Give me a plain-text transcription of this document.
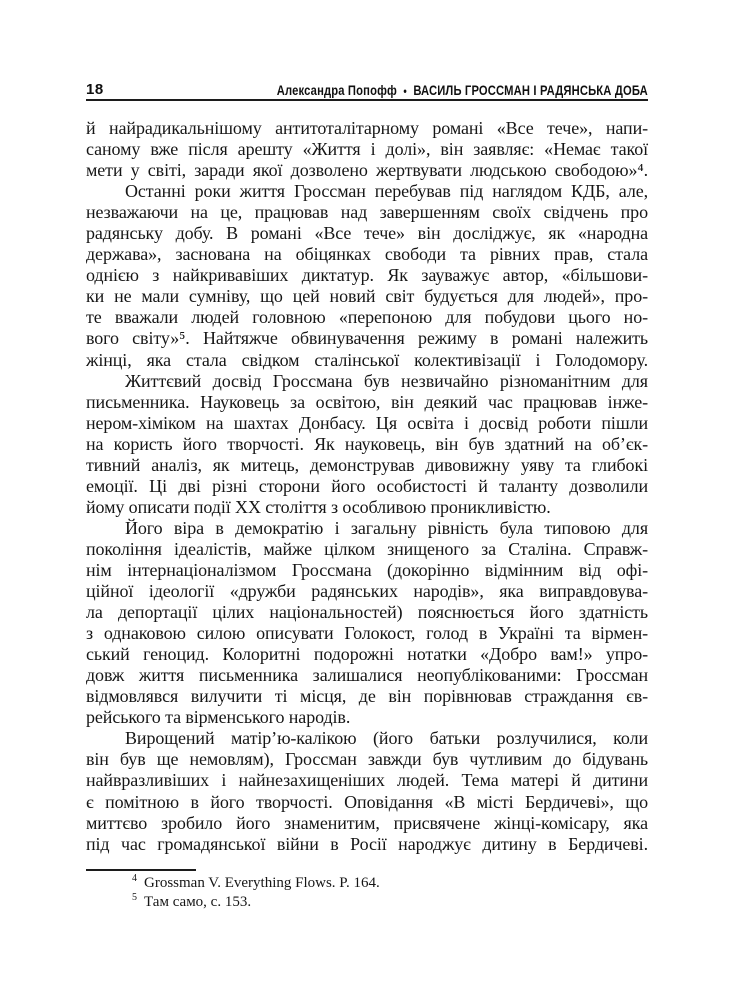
18	Александра Попофф • ВАСИЛЬ ГРОССМАН І РАДЯНСЬКА ДОБА
й найрадикальнішому антитоталітарному романі «Все тече», напи-
саному вже після арешту «Життя і долі», він заявляє: «Немає такої
мети у світі, заради якої дозволено жертвувати людською свободою»⁴.
Останні роки життя Гроссман перебував під наглядом КДБ, але,
незважаючи на це, працював над завершенням своїх свідчень про
радянську добу. В романі «Все тече» він досліджує, як «народна
держава», заснована на обіцянках свободи та рівних прав, стала
однією з найкривавіших диктатур. Як зауважує автор, «більшови-
ки не мали сумніву, що цей новий світ будується для людей», про-
те вважали людей головною «перепоною для побудови цього но-
вого світу»⁵. Найтяжче обвинувачення режиму в романі належить
жінці, яка стала свідком сталінської колективізації і Голодомору.
Життєвий досвід Гроссмана був незвичайно різноманітним для
письменника. Науковець за освітою, він деякий час працював інже-
нером-хіміком на шахтах Донбасу. Ця освіта і досвід роботи пішли
на користь його творчості. Як науковець, він був здатний на об’єк-
тивний аналіз, як митець, демонстрував дивовижну уяву та глибокі
емоції. Ці дві різні сторони його особистості й таланту дозволили
йому описати події ХХ століття з особливою проникливістю.
Його віра в демократію і загальну рівність була типовою для
покоління ідеалістів, майже цілком знищеного за Сталіна. Справж-
нім інтернаціоналізмом Гроссмана (докорінно відмінним від офі-
ційної ідеології «дружби радянських народів», яка виправдовува-
ла депортації цілих національностей) пояснюється його здатність
з однаковою силою описувати Голокост, голод в Україні та вірмен-
ський геноцид. Колоритні подорожні нотатки «Добро вам!» упро-
довж життя письменника залишалися неопублікованими: Гроссман
відмовлявся вилучити ті місця, де він порівнював страждання єв-
рейського та вірменського народів.
Вирощений матір’ю-калікою (його батьки розлучилися, коли
він був ще немовлям), Гроссман завжди був чутливим до бідувань
найвразливіших і найнезахищеніших людей. Тема матері й дитини
є помітною в його творчості. Оповідання «В місті Бердичеві», що
миттєво зробило його знаменитим, присвячене жінці-комісару, яка
під час громадянської війни в Росії народжує дитину в Бердичеві.
$^4$ Grossman V. Everything Flows. P. 164.
$^5$ Там само, с. 153.
